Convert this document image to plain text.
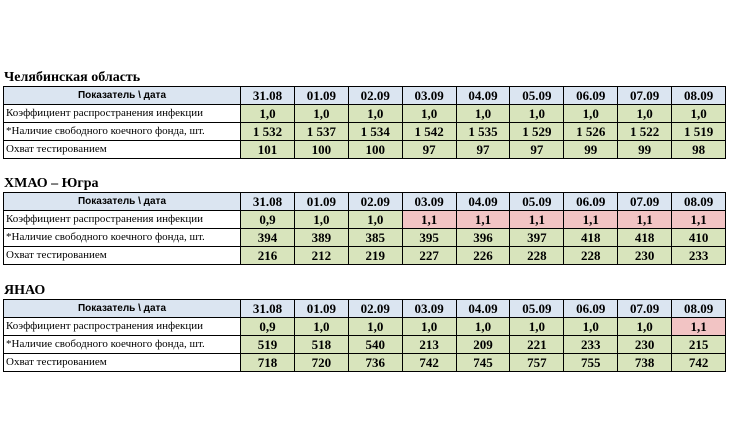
Челябинская область
Показатель \ дата	31.08	01.09	02.09	03.09	04.09	05.09	06.09	07.09	08.09
Коэффициент распространения инфекции	1,0	1,0	1,0	1,0	1,0	1,0	1,0	1,0	1,0
*Наличие свободного коечного фонда, шт.	1 532	1 537	1 534	1 542	1 535	1 529	1 526	1 522	1 519
Охват тестированием	101	100	100	97	97	97	99	99	98
ХМАО – Югра
Показатель \ дата	31.08	01.09	02.09	03.09	04.09	05.09	06.09	07.09	08.09
Коэффициент распространения инфекции	0,9	1,0	1,0	1,1	1,1	1,1	1,1	1,1	1,1
*Наличие свободного коечного фонда, шт.	394	389	385	395	396	397	418	418	410
Охват тестированием	216	212	219	227	226	228	228	230	233
ЯНАО
Показатель \ дата	31.08	01.09	02.09	03.09	04.09	05.09	06.09	07.09	08.09
Коэффициент распространения инфекции	0,9	1,0	1,0	1,0	1,0	1,0	1,0	1,0	1,1
*Наличие свободного коечного фонда, шт.	519	518	540	213	209	221	233	230	215
Охват тестированием	718	720	736	742	745	757	755	738	742
